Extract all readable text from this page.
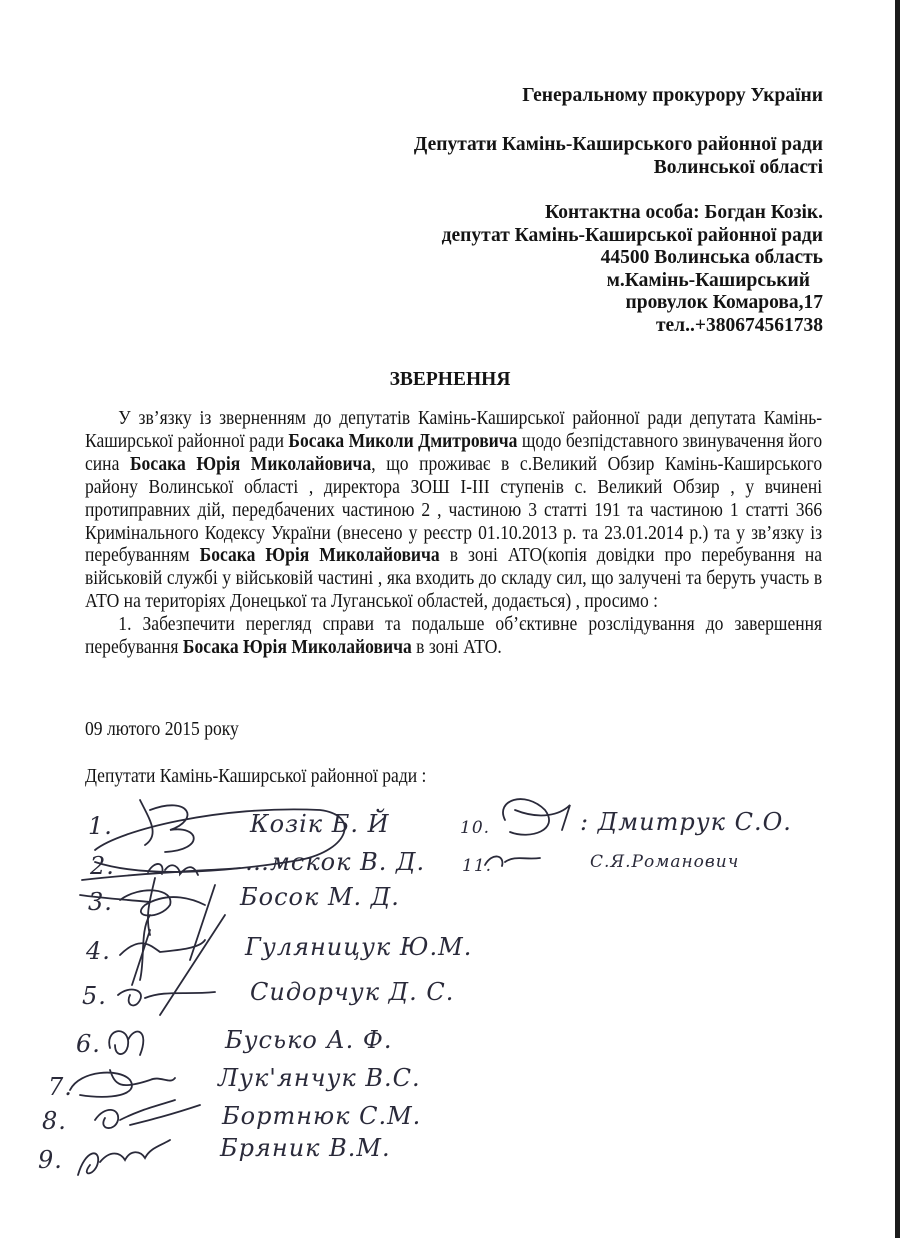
Генеральному прокурору України
Депутати Камінь-Каширського районної ради
Волинської області
Контактна особа: Богдан Козік.
депутат Камінь-Каширської районної ради
44500 Волинська область
м.Камінь-Каширський
провулок Комарова,17
тел..+380674561738
ЗВЕРНЕННЯ

У зв’язку із зверненням до депутатів Камінь-Каширської районної ради депутата Камінь-Каширської районної ради Босака Миколи Дмитровича щодо безпідставного звинувачення його сина Босака Юрія Миколайовича, що проживає в с.Великий Обзир Камінь-Каширського району Волинської області , директора ЗОШ І-ІІІ ступенів с. Великий Обзир , у вчинені протиправних дій, передбачених частиною 2 , частиною 3 статті 191 та частиною 1 статті 366 Кримінального Кодексу України (внесено у реєстр 01.10.2013 р. та 23.01.2014 р.) та у зв’язку із перебуванням Босака Юрія Миколайовича в зоні АТО(копія довідки про перебування на військовій службі у військовій частині , яка входить до складу сил, що залучені та беруть участь в АТО на територіях Донецької та Луганської областей, додається) , просимо :

1. Забезпечити перегляд справи та подальше об’єктивне розслідування до завершення перебування Босака Юрія Миколайовича в зоні АТО.

09 лютого 2015 року
Депутати Камінь-Каширської районної ради :
1.	Козік Б. Й
2.	…мскок В. Д.
3.	Босок М. Д.
4.	Гуляницук Ю.М.
5.	Сидорчук Д. С.
6.	Бусько А. Ф.
7.	Лук'янчук В.С.
8.	Бортнюк С.М.
9.	Бряник В.М.
10.	: Дмитрук С.О.
11.	С.Я.Романович
